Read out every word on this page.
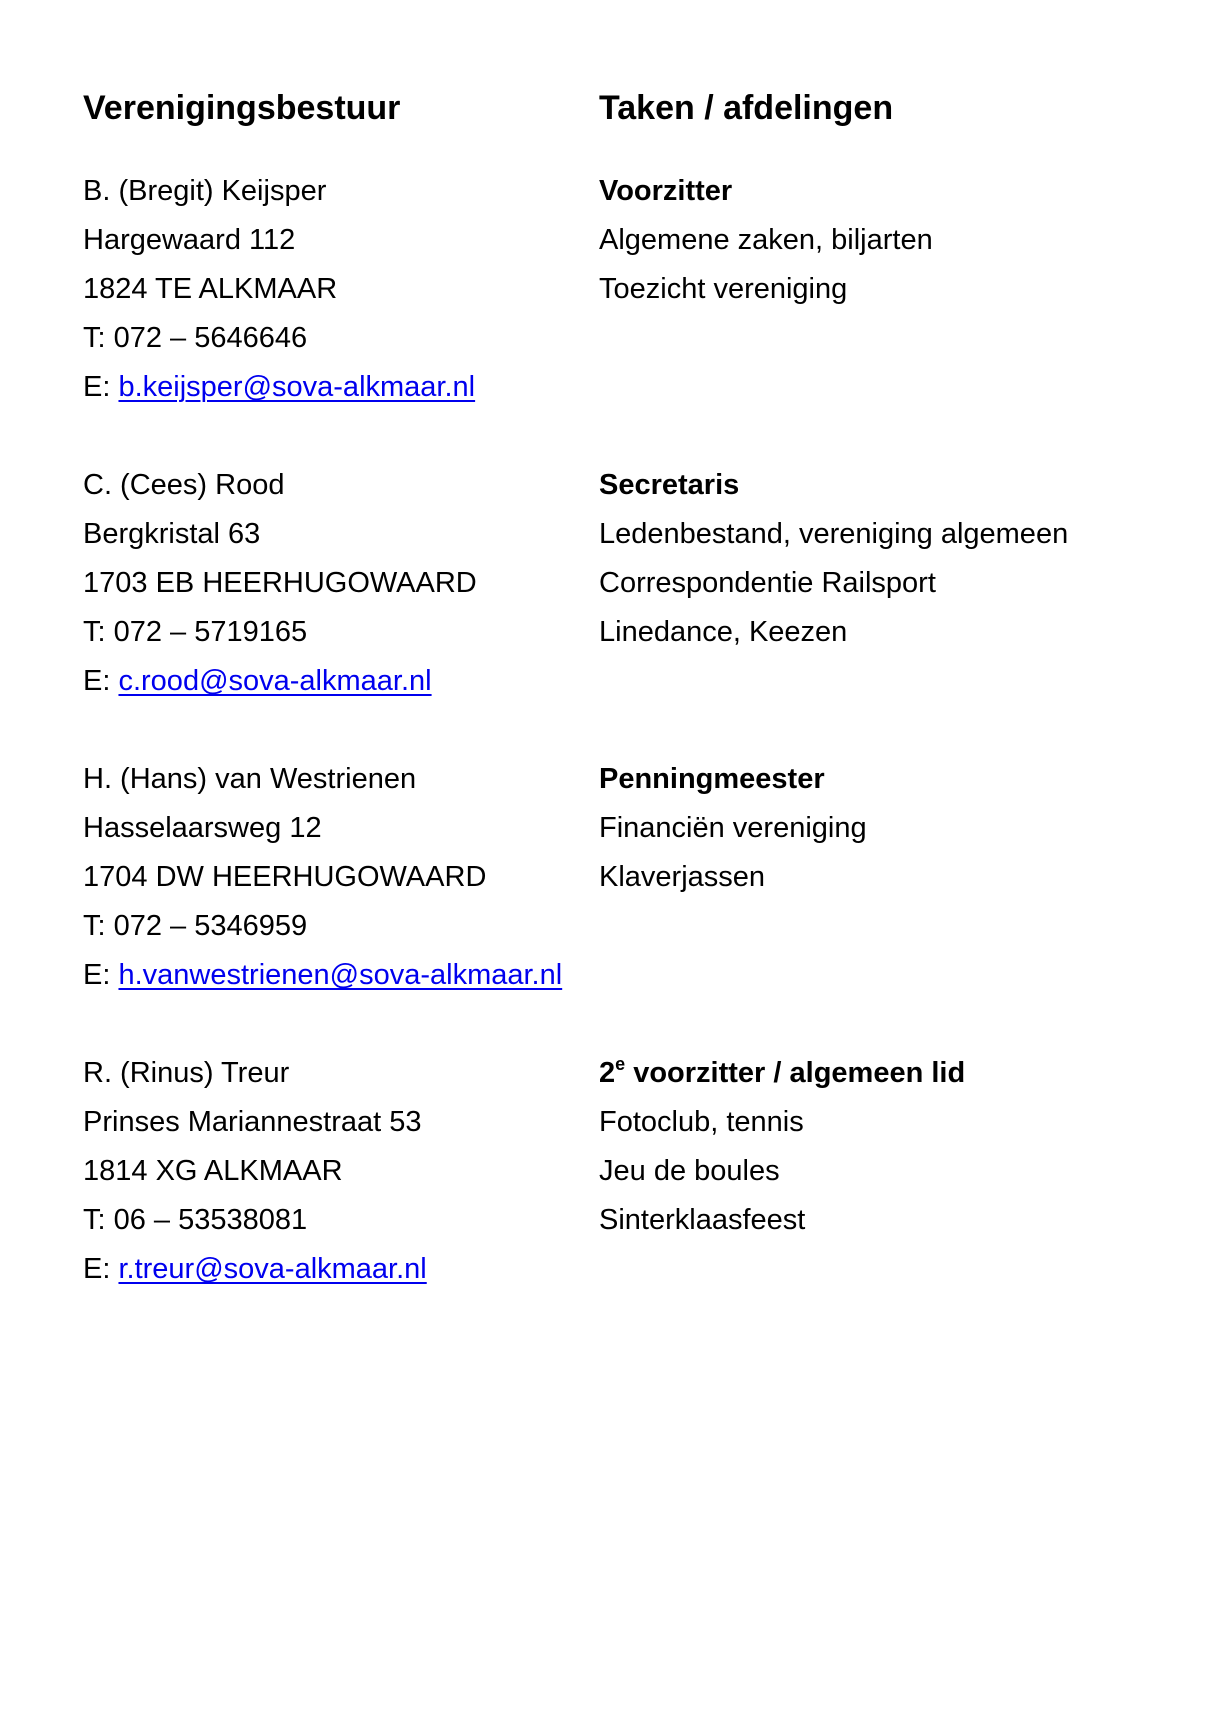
Verenigingsbestuur	Taken / afdelingen
B. (Bregit) Keijsper
Hargewaard 112
1824 TE ALKMAAR
T: 072 – 5646646
E: b.keijsper@sova-alkmaar.nl
Voorzitter
Algemene zaken, biljarten
Toezicht vereniging
C. (Cees) Rood
Bergkristal 63
1703 EB HEERHUGOWAARD
T: 072 – 5719165
E: c.rood@sova-alkmaar.nl
Secretaris
Ledenbestand, vereniging algemeen
Correspondentie Railsport
Linedance, Keezen
H. (Hans) van Westrienen
Hasselaarsweg 12
1704 DW HEERHUGOWAARD
T: 072 – 5346959
E: h.vanwestrienen@sova-alkmaar.nl
Penningmeester
Financiën vereniging
Klaverjassen
R. (Rinus) Treur
Prinses Mariannestraat 53
1814 XG ALKMAAR
T: 06 – 53538081
E: r.treur@sova-alkmaar.nl
2e voorzitter / algemeen lid
Fotoclub, tennis
Jeu de boules
Sinterklaasfeest
